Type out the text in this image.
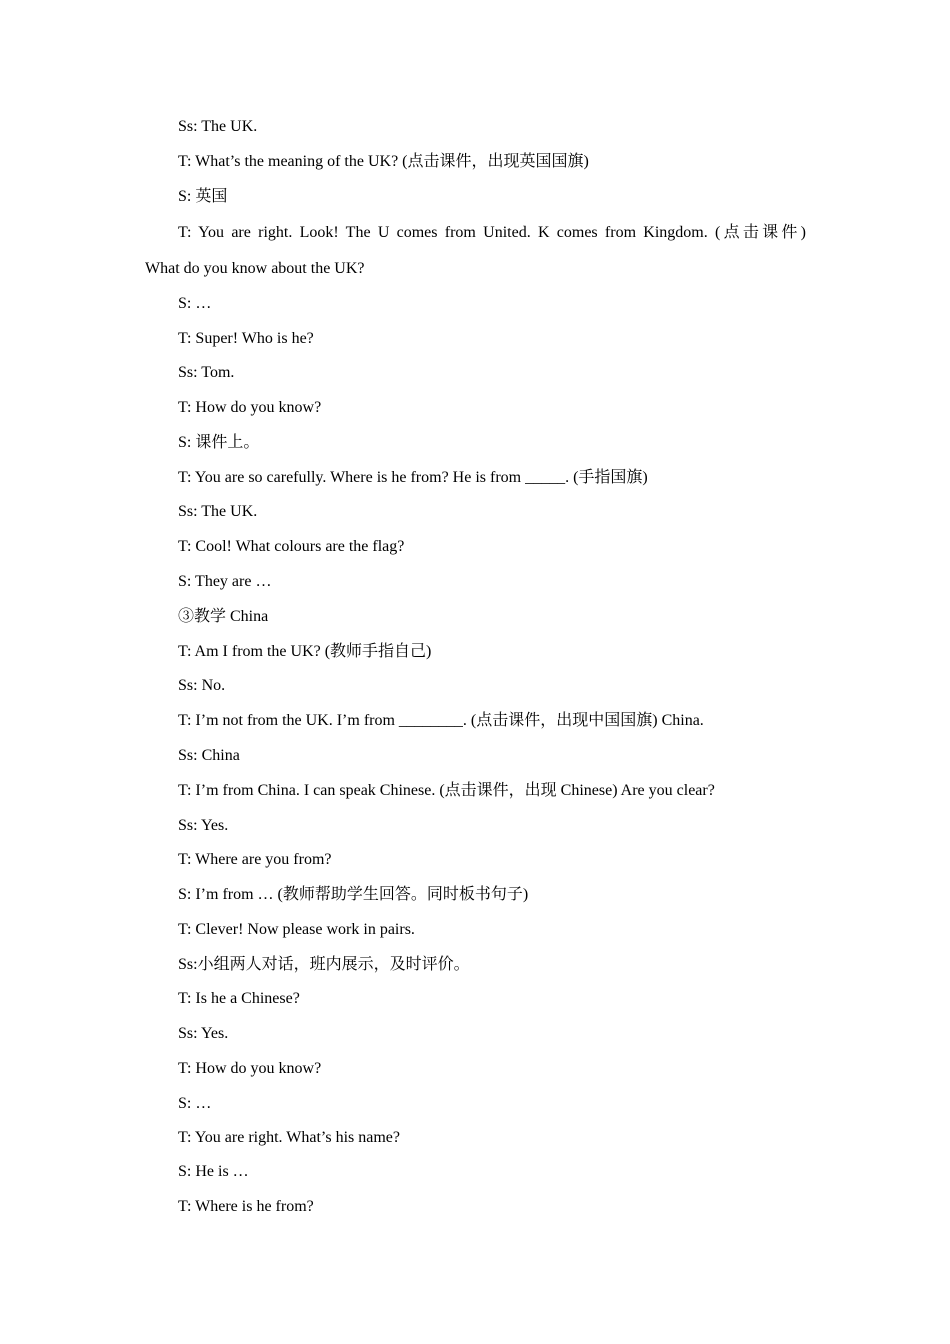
Ss: The UK.
T: What’s the meaning of the UK? (点击课件，出现英国国旗)
S: 英国
T: You are right. Look! The U comes from United. K comes from Kingdom. (点击课件)
What do you know about the UK?
S: …
T: Super! Who is he?
Ss: Tom.
T: How do you know?
S: 课件上。
T: You are so carefully. Where is he from? He is from _____. (手指国旗)
Ss: The UK.
T: Cool! What colours are the flag?
S: They are …
③教学 China
T: Am I from the UK? (教师手指自己)
Ss: No.
T: I’m not from the UK. I’m from ________. (点击课件，出现中国国旗) China.
Ss: China
T: I’m from China. I can speak Chinese. (点击课件，出现 Chinese) Are you clear?
Ss: Yes.
T: Where are you from?
S: I’m from … (教师帮助学生回答。同时板书句子)
T: Clever! Now please work in pairs.
Ss:小组两人对话，班内展示，及时评价。
T: Is he a Chinese?
Ss: Yes.
T: How do you know?
S: …
T: You are right. What’s his name?
S: He is …
T: Where is he from?
